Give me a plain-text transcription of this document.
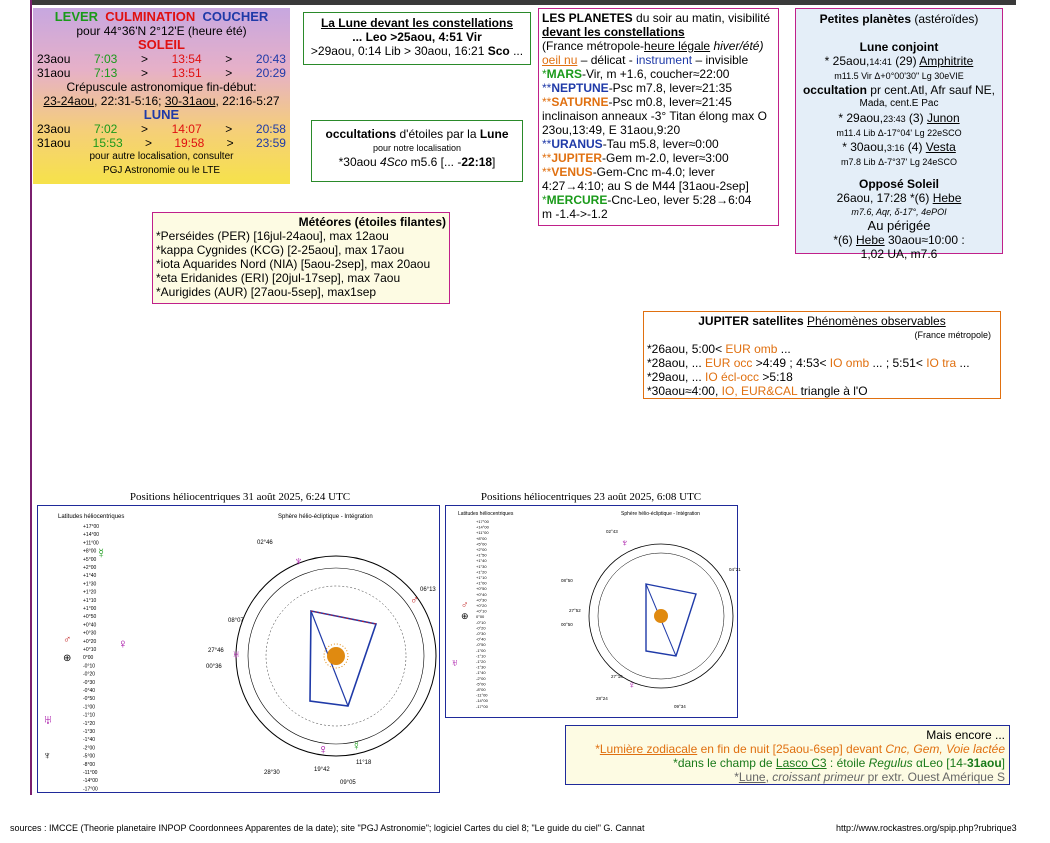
LEVER CULMINATION COUCHER
pour 44°36'N 2°12'E (heure été)
SOLEIL
23aou 7:03 > 13:54 > 20:43
31aou 7:13 > 13:51 > 20:29
Crépuscule astronomique fin-début:
23-24aou, 22:31-5:16; 30-31aou, 22:16-5:27
LUNE
23aou 7:02 > 14:07 > 20:58
31aou 15:53 > 19:58 > 23:59
pour autre localisation, consulter
PGJ Astronomie ou le LTE
La Lune devant les constellations
... Leo >25aou, 4:51 Vir
>29aou, 0:14 Lib > 30aou, 16:21 Sco ...
occultations d'étoiles par la Lune
pour notre localisation
*30aou 4Sco m5.6 [... -22:18]
LES PLANETES du soir au matin, visibilité
devant les constellations
(France métropole-heure légale hiver/été)
oeil nu – délicat - instrument – invisible
*MARS-Vir, m +1.6, coucher≈22:00
**NEPTUNE-Psc m7.8, lever≈21:35
**SATURNE-Psc m0.8, lever≈21:45
inclinaison anneaux -3° Titan élong max O
23ou,13:49, E 31aou,9:20
**URANUS-Tau m5.8, lever≈0:00
**JUPITER-Gem m-2.0, lever≈3:00
**VENUS-Gem-Cnc m-4.0; lever
4:27→4:10; au S de M44 [31aou-2sep]
*MERCURE-Cnc-Leo, lever 5:28→6:04
m -1.4->-1.2
Petites planètes (astéroïdes)
Lune conjoint
* 25aou,14:41 (29) Amphitrite
m11.5 Vir Δ+0°00'30" Lg 30eVIE
occultation pr cent.Atl, Afr sauf NE,
Mada, cent.E Pac
* 29aou,23:43 (3) Junon
m11.4 Lib Δ-17°04' Lg 22eSCO
* 30aou,3:16 (4) Vesta
m7.8 Lib Δ-7°37' Lg 24eSCO
Opposé Soleil
26aou, 17:28 *(6) Hebe
m7.6, Aqr, δ-17°, 4ePOI
Au périgée
*(6) Hebe 30aou≈10:00 :
1,02 UA, m7.6
Météores (étoiles filantes)
*Perséides (PER) [16jul-24aou], max 12aou
*kappa Cygnides (KCG) [2-25aou], max 17aou
*iota Aquarides Nord (NIA) [5aou-2sep], max 20aou
*eta Eridanides (ERI) [20jul-17sep], max 7aou
*Aurigides (AUR) [27aou-5sep], max1sep
JUPITER satellites Phénomènes observables
(France métropole)
*26aou, 5:00< EUR omb ...
*28aou, ... EUR occ >4:49 ; 4:53< IO omb ... ; 5:51< IO tra ...
*29aou, ... IO écl-occ >5:18
*30aou≈4:00, IO, EUR&CAL triangle à l'O
Positions héliocentriques 31 août 2025, 6:24 UTC
Latitudes héliocentriques	Sphère hélio-écliptique - Intégration
+17°00
+14°00
+11°00
+8°00
+5°00
+2°00
+1°40
+1°30
+1°20
+1°10
+1°00
+0°50
+0°40
+0°30
+0°20
+0°10
0°00
-0°10
-0°20
-0°30
-0°40
-0°50
-1°00
-1°10
-1°20
-1°30
-1°40
-2°00
-5°00
-8°00
-11°00
-14°00
-17°00
02°46
06°13
08°07
27°46
00°36
28°30	19°42
11°18
09°05
☿
♀
♂
⊕
♅
♆
♆
♂
♅
♀ ☿
Positions héliocentriques 23 août 2025, 6:08 UTC
Latitudes héliocentriques	Sphère hélio-écliptique - Intégration
+17°00
+14°00
+11°00
+8°00
+5°00
+2°00
+1°50
+1°40
+1°30
+1°20
+1°10
+1°00
+0°50
+0°40
+0°30
+0°20
+0°10
0°00
-0°10
-0°20
-0°30
-0°40
-0°50
-1°00
-1°10
-1°20
-1°30
-1°40
-2°00
-5°00
-8°00
-11°00
-14°00
-17°00
02°43
04°21
08°50
27°52
00°50
27°16
28°24
09°34
♆
♂
⊕
♅
♀
Mais encore ...
*Lumière zodiacale en fin de nuit [25aou-6sep] devant Cnc, Gem, Voie lactée
*dans le champ de Lasco C3 : étoile Regulus αLeo [14-31aou]
*Lune, croissant primeur pr extr. Ouest Amérique S
sources : IMCCE (Theorie planetaire INPOP Coordonnees Apparentes de la date); site "PGJ Astronomie"; logiciel Cartes du ciel 8; "Le guide du ciel" G. Cannat	http://www.rockastres.org/spip.php?rubrique3
